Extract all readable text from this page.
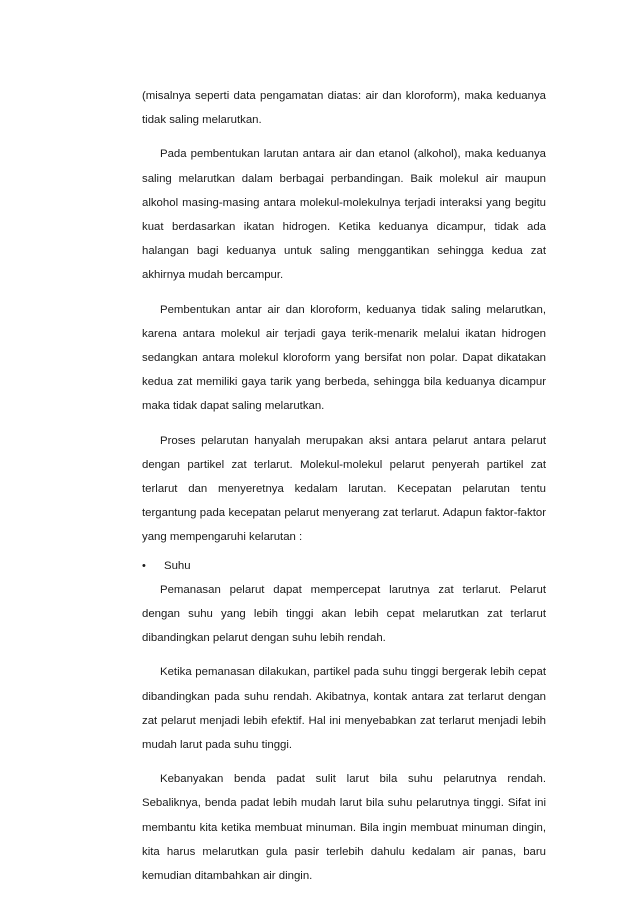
(misalnya seperti data pengamatan diatas: air dan kloroform), maka keduanya tidak saling melarutkan.

Pada pembentukan larutan antara air dan etanol (alkohol), maka keduanya saling melarutkan dalam berbagai perbandingan. Baik molekul air maupun alkohol masing-masing antara molekul-molekulnya terjadi interaksi yang begitu kuat berdasarkan ikatan hidrogen. Ketika keduanya dicampur, tidak ada halangan bagi keduanya untuk saling menggantikan sehingga kedua zat akhirnya mudah bercampur.

Pembentukan antar air dan kloroform, keduanya tidak saling melarutkan, karena antara molekul air terjadi gaya terik-menarik melalui ikatan hidrogen sedangkan antara molekul kloroform yang bersifat non polar. Dapat dikatakan kedua zat memiliki gaya tarik yang berbeda, sehingga bila keduanya dicampur maka tidak dapat saling melarutkan.

Proses pelarutan hanyalah merupakan aksi antara pelarut antara pelarut dengan partikel zat terlarut. Molekul-molekul pelarut penyerah partikel zat terlarut dan menyeretnya kedalam larutan. Kecepatan pelarutan tentu tergantung pada kecepatan pelarut menyerang zat terlarut. Adapun faktor-faktor yang mempengaruhi kelarutan :

•	Suhu

Pemanasan pelarut dapat mempercepat larutnya zat terlarut. Pelarut dengan suhu yang lebih tinggi akan lebih cepat melarutkan zat terlarut dibandingkan pelarut dengan suhu lebih rendah.

Ketika pemanasan dilakukan, partikel pada suhu tinggi bergerak lebih cepat dibandingkan pada suhu rendah. Akibatnya, kontak antara zat terlarut dengan zat pelarut menjadi lebih efektif. Hal ini menyebabkan zat terlarut menjadi lebih mudah larut pada suhu tinggi.

Kebanyakan benda padat sulit larut bila suhu pelarutnya rendah. Sebaliknya, benda padat lebih mudah larut bila suhu pelarutnya tinggi. Sifat ini membantu kita ketika membuat minuman. Bila ingin membuat minuman dingin, kita harus melarutkan gula pasir terlebih dahulu kedalam air panas, baru kemudian ditambahkan air dingin.
